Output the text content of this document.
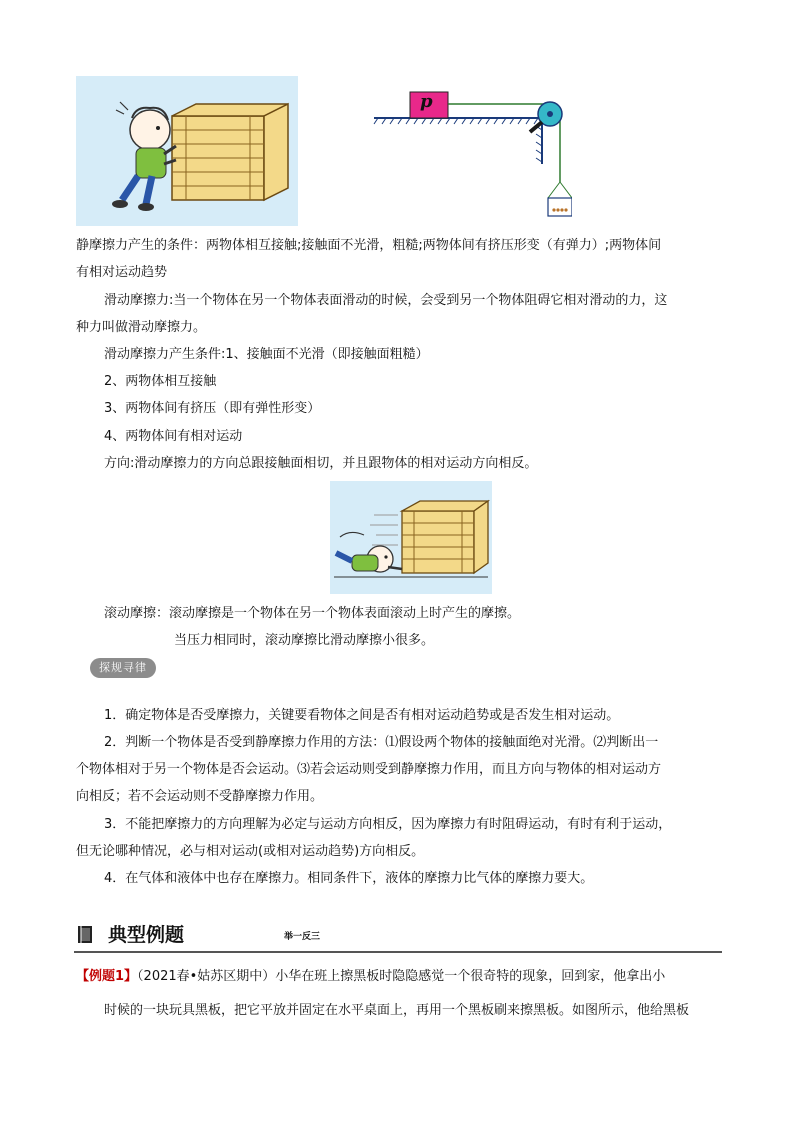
p
静摩擦力产生的条件：两物体相互接触;接触面不光滑，粗糙;两物体间有挤压形变（有弹力）;两物体间
有相对运动趋势
滑动摩擦力:当一个物体在另一个物体表面滑动的时候，会受到另一个物体阻碍它相对滑动的力，这
种力叫做滑动摩擦力。
滑动摩擦力产生条件:1、接触面不光滑（即接触面粗糙）
2、两物体相互接触
3、两物体间有挤压（即有弹性形变）
4、两物体间有相对运动
方向:滑动摩擦力的方向总跟接触面相切，并且跟物体的相对运动方向相反。
滚动摩擦：滚动摩擦是一个物体在另一个物体表面滚动上时产生的摩擦。
当压力相同时，滚动摩擦比滑动摩擦小很多。
探规寻律
1．确定物体是否受摩擦力，关键要看物体之间是否有相对运动趋势或是否发生相对运动。
2．判断一个物体是否受到静摩擦力作用的方法：⑴假设两个物体的接触面绝对光滑。⑵判断出一
个物体相对于另一个物体是否会运动。⑶若会运动则受到静摩擦力作用，而且方向与物体的相对运动方
向相反；若不会运动则不受静摩擦力作用。
3．不能把摩擦力的方向理解为必定与运动方向相反，因为摩擦力有时阻碍运动，有时有利于运动，
但无论哪种情况，必与相对运动(或相对运动趋势)方向相反。
4．在气体和液体中也存在摩擦力。相同条件下，液体的摩擦力比气体的摩擦力要大。
典型例题	举一反三
【例题1】（2021春•姑苏区期中）小华在班上擦黑板时隐隐感觉一个很奇特的现象，回到家，他拿出小
时候的一块玩具黑板，把它平放并固定在水平桌面上，再用一个黑板刷来擦黑板。如图所示，他给黑板
